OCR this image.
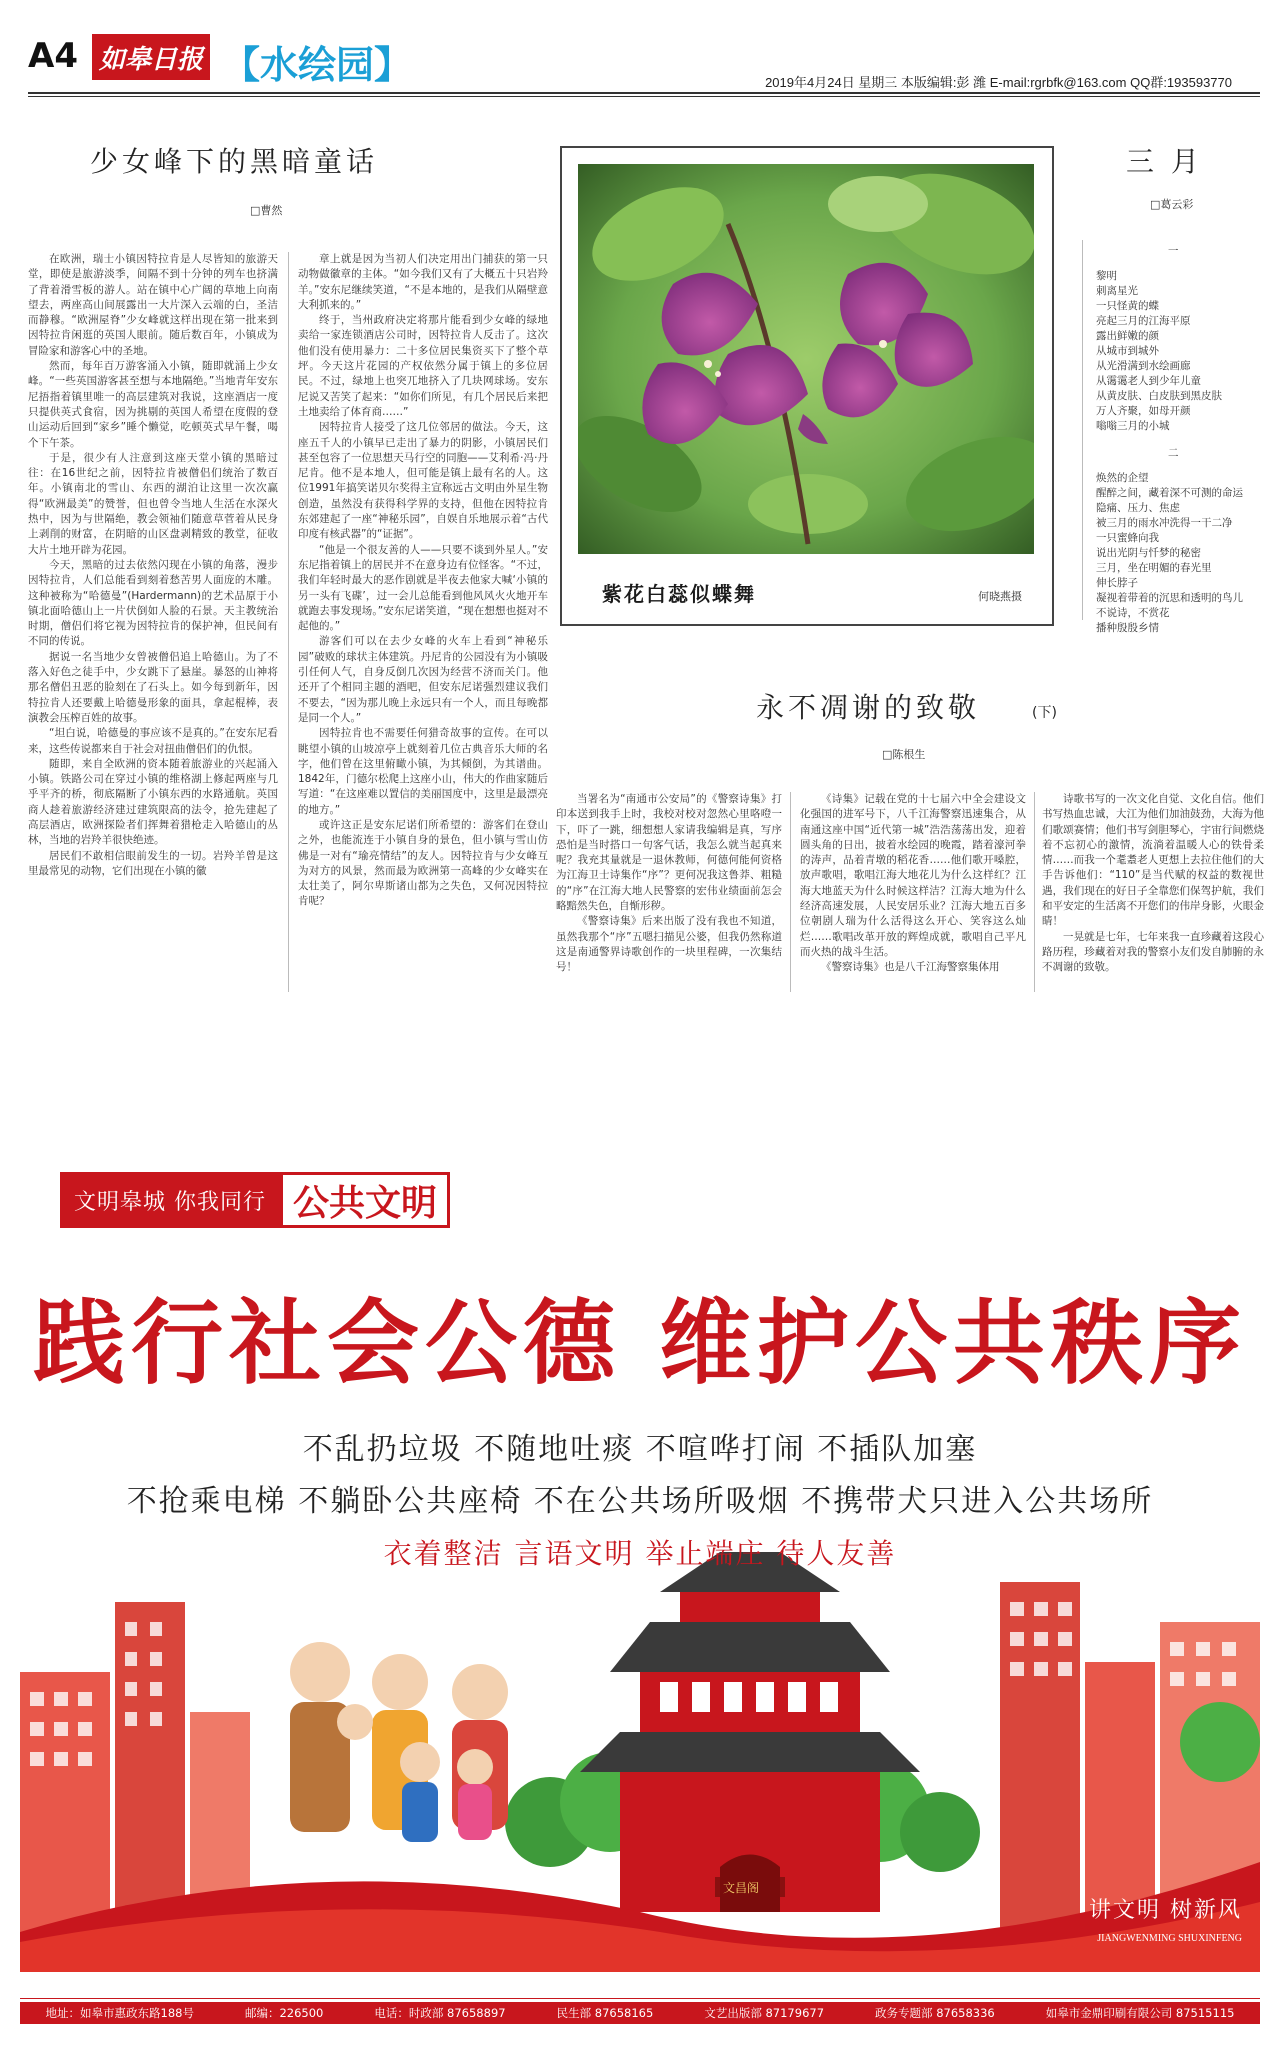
A4 如皋日报 【水绘园】	2019年4月24日 星期三 本版编辑:彭 潍 E-mail:rgrbfk@163.com QQ群:193593770
少女峰下的黑暗童话
□曹然

在欧洲，瑞士小镇因特拉肯是人尽皆知的旅游天堂，即使是旅游淡季，间隔不到十分钟的列车也挤满了背着滑雪板的游人。站在镇中心广阔的草地上向南望去，两座高山间展露出一大片深入云端的白，圣洁而静穆。“欧洲屋脊”少女峰就这样出现在第一批来到因特拉肯闲逛的英国人眼前。随后数百年，小镇成为冒险家和游客心中的圣地。

然而，每年百万游客涌入小镇，随即就涌上少女峰。“一些英国游客甚至想与本地隔绝。”当地青年安东尼捂指着镇里唯一的高层建筑对我说，这座酒店一度只提供英式食宿，因为挑剔的英国人希望在度假的登山运动后回到“家乡”睡个懒觉，吃顿英式早午餐，喝个下午茶。

于是，很少有人注意到这座天堂小镇的黑暗过往：在16世纪之前，因特拉肯被僧侣们统治了数百年。小镇南北的雪山、东西的湖泊让这里一次次赢得“欧洲最美”的赞誉，但也曾令当地人生活在水深火热中，因为与世隔绝，教会领袖们随意草菅着从民身上剥削的财富，在阴暗的山区盘剥精致的教堂，征收大片土地开辟为花园。

今天，黑暗的过去依然闪现在小镇的角落，漫步因特拉肯，人们总能看到刻着愁苦男人面庞的木雕。这种被称为“哈德曼”(Hardermann)的艺术品原于小镇北面哈德山上一片伏倒如人脸的石景。天主教统治时期，僧侣们将它视为因特拉肯的保护神，但民间有不同的传说。

据说一名当地少女曾被僧侣追上哈德山。为了不落入好色之徒手中，少女跳下了悬崖。暴怒的山神将那名僧侣丑恶的脸刻在了石头上。如今每到新年，因特拉肯人还要戴上哈德曼形象的面具，拿起棍棒，表演教会压榨百姓的故事。

“坦白说，哈德曼的事应该不是真的。”在安东尼看来，这些传说都来自于社会对扭曲僧侣们的仇恨。

随即，来自全欧洲的资本随着旅游业的兴起涌入小镇。铁路公司在穿过小镇的维格湖上修起两座与几乎平齐的桥，彻底隔断了小镇东西的水路通航。英国商人趁着旅游经济建过建筑限高的法令，抢先建起了高层酒店，欧洲探险者们挥舞着猎枪走入哈德山的丛林，当地的岩羚羊很快绝迹。

居民们不敢相信眼前发生的一切。岩羚羊曾是这里最常见的动物，它们出现在小镇的徽

章上就是因为当初人们决定用出门捕获的第一只动物做徽章的主体。“如今我们又有了大概五十只岩羚羊。”安东尼继续笑道，“不是本地的，是我们从隔壁意大利抓来的。”

终于，当州政府决定将那片能看到少女峰的绿地卖给一家连锁酒店公司时，因特拉肯人反击了。这次他们没有使用暴力：二十多位居民集资买下了整个草坪。今天这片花园的产权依然分属于镇上的多位居民。不过，绿地上也突兀地挤入了几块网球场。安东尼说又苦笑了起来：“如你们所见，有几个居民后来把土地卖给了体育商……”

因特拉肯人接受了这几位邻居的做法。今天，这座五千人的小镇早已走出了暴力的阴影，小镇居民们甚至包容了一位思想天马行空的同胞——艾利希·冯·丹尼肯。他不是本地人，但可能是镇上最有名的人。这位1991年搞笑诺贝尔奖得主宣称远古文明由外星生物创造，虽然没有获得科学界的支持，但他在因特拉肯东郊建起了一座“神秘乐园”，自娱自乐地展示着“古代印度有核武器”的“证据”。

“他是一个很友善的人——只要不谈到外星人。”安东尼指着镇上的居民并不在意身边有位怪客。“不过，我们年轻时最大的恶作剧就是半夜去他家大喊‘小镇的另一头有飞碟’，过一会儿总能看到他风风火火地开车就跑去事发现场。”安东尼诺笑道，“现在想想也挺对不起他的。”

游客们可以在去少女峰的火车上看到“神秘乐园”破败的球状主体建筑。丹尼肯的公园没有为小镇吸引任何人气，自身反倒几次因为经营不济而关门。他还开了个相同主题的酒吧，但安东尼诺强烈建议我们不要去，“因为那儿晚上永远只有一个人，而且每晚都是同一个人。”

因特拉肯也不需要任何猎奇故事的宣传。在可以眺望小镇的山坡凉亭上就刻着几位古典音乐大师的名字，他们曾在这里俯瞰小镇，为其倾倒，为其谱曲。1842年，门德尔松爬上这座小山，伟大的作曲家随后写道：“在这座难以置信的美丽国度中，这里是最漂亮的地方。”

或许这正是安东尼诺们所希望的：游客们在登山之外，也能流连于小镇自身的景色，但小镇与雪山仿佛是一对有“瑜亮情结”的友人。因特拉肯与少女峰互为对方的风景，然而最为欧洲第一高峰的少女峰实在太壮美了，阿尔卑斯诸山都为之失色，又何况因特拉肯呢？

紫花白蕊似蝶舞	何晓燕摄
三 月
□葛云彩
一
黎明
刺离星光
一只怪黄的蝶
亮起三月的江海平原
露出鲜嫩的颜
从城市到城外
从光滑满到水绘画廊
从霭霭老人到少年儿童
从黄皮肤、白皮肤到黑皮肤
万人齐聚，如母开颜
嗡嗡三月的小城
二
焕然的企望
醒醉之间，藏着深不可测的命运
隐痛、压力、焦虑
被三月的雨水冲洗得一干二净
一只蜜蜂向我
说出光阴与忏梦的秘密
三月，坐在明媚的春光里
伸长脖子
凝视着带着的沉思和透明的鸟儿
不说诗，不赏花
播种殷殷乡情
永不凋谢的致敬	(下)
□陈根生

当署名为“南通市公安局”的《警察诗集》打印本送到我手上时，我校对校对忽然心里咯噔一下，吓了一跳，细想想人家请我编辑是真，写序恐怕是当时搭口一句客气话，我怎么就当起真来呢？我充其量就是一退休教师，何德何能何资格为江海卫士诗集作“序”？更何况我这鲁莽、粗糙的“序”在江海大地人民警察的宏伟业绩面前怎会略黯然失色，自惭形秽。

《警察诗集》后来出版了没有我也不知道，虽然我那个“序”五嗯扫描见公婆，但我仍然称道这是南通警界诗歌创作的一块里程碑，一次集结号！

《诗集》记载在党的十七届六中全会建设文化强国的进军号下，八千江海警察迅速集合，从南通这座中国“近代第一城”浩浩荡荡出发，迎着圆头角的日出，披着水绘园的晚霞，踏着濠河拳的涛声，品着青墩的稻花香……他们歌开嗓腔，放声歌唱，歌唱江海大地花儿为什么这样红？江海大地蓝天为什么时候这样洁？江海大地为什么经济高速发展，人民安居乐业？江海大地五百多位朝剧人瑞为什么活得这么开心、笑容这么灿烂……歌唱改革开放的辉煌成就，歌唱自己平凡而火热的战斗生活。

《警察诗集》也是八千江海警察集体用

诗歌书写的一次文化自觉、文化自信。他们书写热血忠诚，大江为他们加油鼓劲，大海为他们歌颂赛情；他们书写剑胆琴心，宇宙行间燃烧着不忘初心的激情，流淌着温暖人心的铁骨柔情……而我一个耄耋老人更想上去拉住他们的大手告诉他们：“110”是当代赋的权益的数视世遇，我们现在的好日子全靠您们保驾护航，我们和平安定的生活离不开您们的伟岸身影，火眼金睛！

一晃就是七年，七年来我一直珍藏着这段心路历程，珍藏着对我的警察小友们发自肺腑的永不凋谢的致敬。

文明皋城 你我同行 公共文明
践行社会公德 维护公共秩序
不乱扔垃圾 不随地吐痰 不喧哗打闹 不插队加塞
不抢乘电梯 不躺卧公共座椅 不在公共场所吸烟 不携带犬只进入公共场所
衣着整洁 言语文明 举止端庄 待人友善
文昌阁
讲文明 树新风
JIANGWENMING SHUXINFENG
地址：如皋市惠政东路188号	邮编：226500	电话：时政部 87658897	民生部 87658165	文艺出版部 87179677	政务专题部 87658336	如皋市金鼎印刷有限公司 87515115
